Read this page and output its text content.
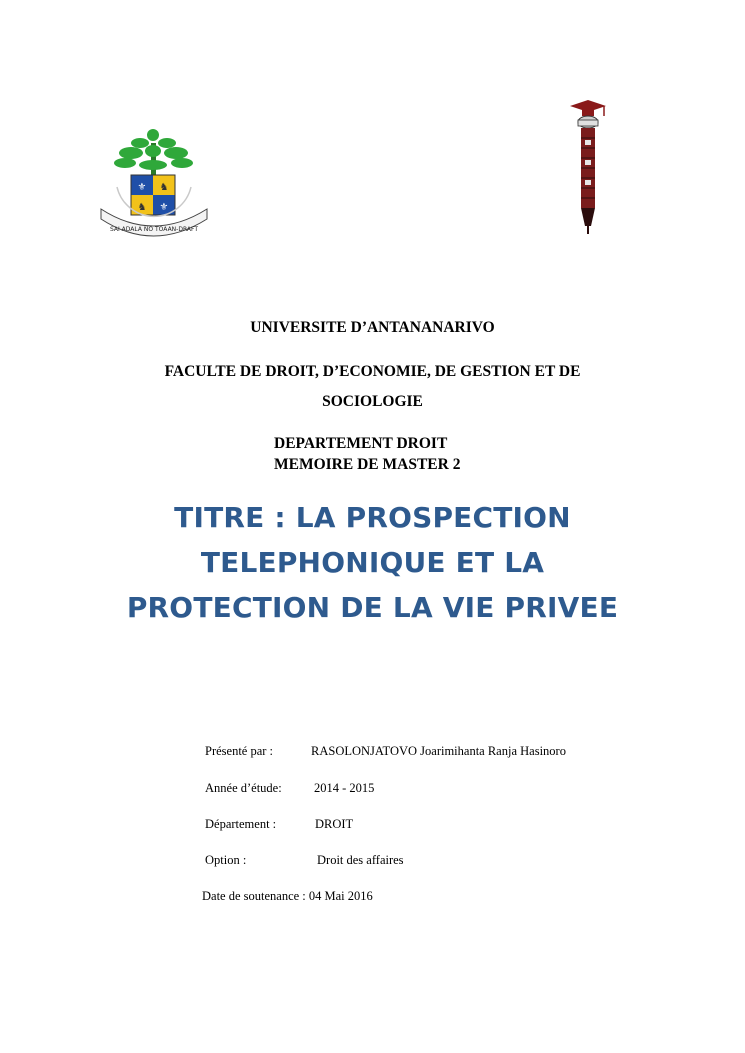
⚜ ♞
♞ ⚜
SAI ADALA NO TOAAN-DRAFT
UNIVERSITE D’ANTANANARIVO
FACULTE DE DROIT, D’ECONOMIE, DE GESTION ET DE
SOCIOLOGIE
DEPARTEMENT DROIT
MEMOIRE DE MASTER 2
TITRE : LA PROSPECTION
TELEPHONIQUE ET LA
PROTECTION DE LA VIE PRIVEE
Présenté par :	RASOLONJATOVO Joarimihanta Ranja Hasinoro
Année d’étude:	2014 - 2015
Département :	DROIT
Option :	Droit des affaires
Date de soutenance : 04 Mai 2016
